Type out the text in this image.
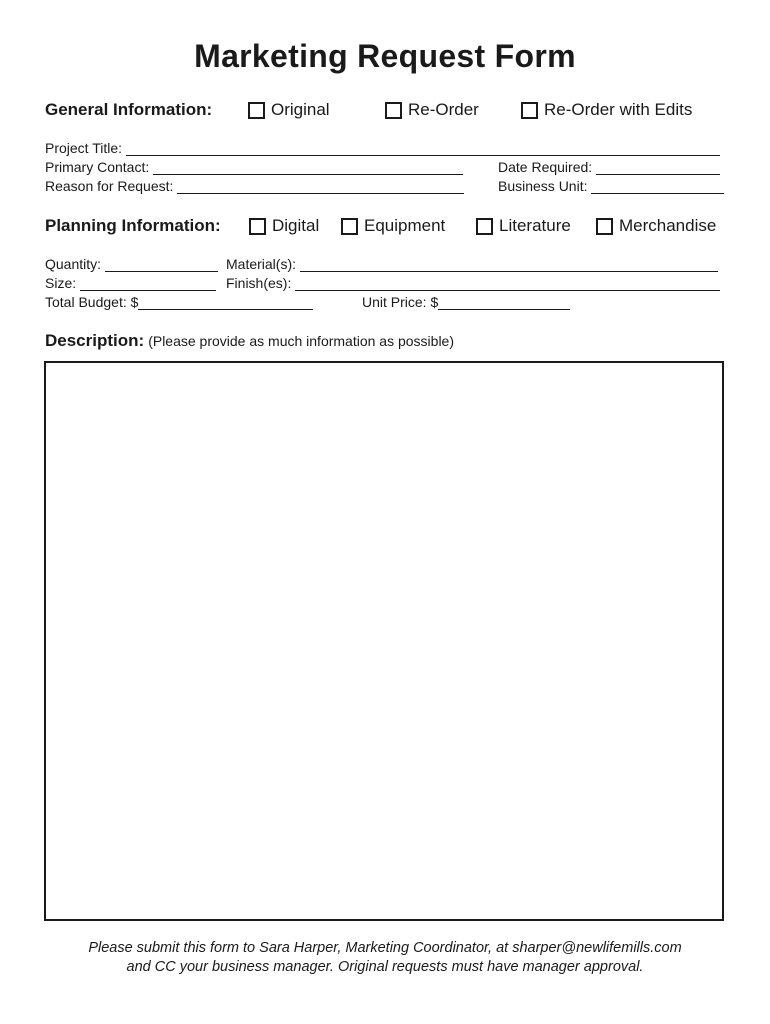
Marketing Request Form
General Information:	Original	Re-Order	Re-Order with Edits
Project Title:
Primary Contact:	Date Required:
Reason for Request:	Business Unit:
Planning Information:	Digital	Equipment	Literature	Merchandise
Quantity:	Material(s):
Size:	Finish(es):
Total Budget: $	Unit Price: $
Description: (Please provide as much information as possible)
Please submit this form to Sara Harper, Marketing Coordinator, at sharper@newlifemills.com
and CC your business manager. Original requests must have manager approval.
